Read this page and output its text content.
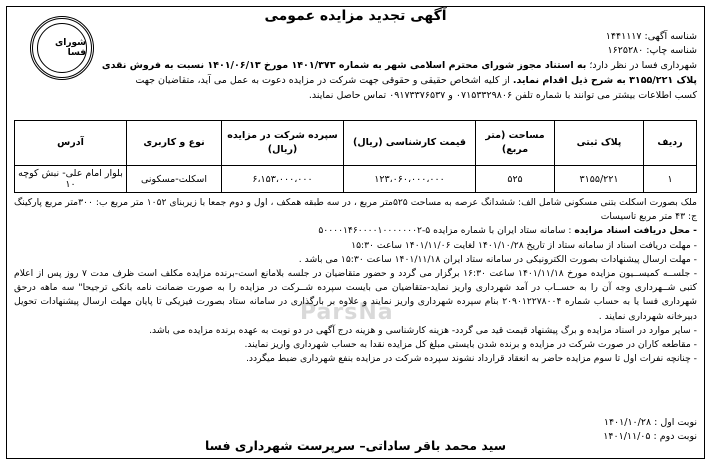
آگهی تجدید مزایده عمومی
شورای فسا
شناسه آگهی: ۱۴۴۱۱۱۷
شناسه چاپ: ۱۶۲۵۲۸۰
شهرداری فسا در نظر دارد؛ به استناد مجوز شورای محترم اسلامی شهر به شماره ۱۴۰۱/۳۷۳ مورخ ۱۴۰۱/۰۶/۱۳ نسبت به فروش نقدی
پلاک ۳۱۵۵/۲۲۱ به شرح ذیل اقدام نماید. از کلیه اشخاص حقیقی و حقوقی جهت شرکت در مزایده دعوت به عمل می آید، متقاضیان جهت
کسب اطلاعات بیشتر می توانند با شماره تلفن ۰۷۱۵۳۳۲۹۸۰۶ و ۰۹۱۷۳۳۷۶۵۳۷ تماس حاصل نمایند.
ردیف	پلاک ثبتی	مساحت (متر مربع)	قیمت کارشناسی (ریال)	سپرده شرکت در مزایده (ریال)	نوع و کاربری	آدرس
۱	۳۱۵۵/۲۲۱	۵۲۵	۱۲۳،۰۶۰،۰۰۰،۰۰۰	۶،۱۵۳،۰۰۰،۰۰۰	اسکلت-مسکونی	بلوار امام علی- نبش کوچه ۱۰
ParsNa

ملک بصورت اسکلت بتنی مسکونی شامل الف: ششدانگ عرصه به مساحت ۵۲۵متر مربع ، در سه طبقه همکف ، اول و دوم جمعا با زیربنای ۱۰۵۲ متر مربع ب: ۳۰۰متر مربع پارکینگ ج: ۴۳ متر مربع تاسیسات

- محل دریافت اسناد مزایده : سامانه ستاد ایران با شماره مزایده ۵-۵۰۰۰۰۱۴۶۰۰۰۰۱۰۰۰۰۰۰۰۲

- مهلت دریافت اسناد از سامانه ستاد از تاریخ ۱۴۰۱/۱۰/۲۸ لغایت ۱۴۰۱/۱۱/۰۶ ساعت ۱۵:۳۰

- مهلت ارسال پیشنهادات بصورت الکترونیکی در سامانه ستاد ایران ۱۴۰۱/۱۱/۱۸ ساعت ۱۵:۳۰ می باشد .

- جلســه کمیســیون مزایده مورخ ۱۴۰۱/۱۱/۱۸ ساعت ۱۶:۳۰ برگزار می گردد و حضور متقاضیان در جلسه بلامانع است-برنده مزایده مکلف است ظرف مدت ۷ روز پس از اعلام کتبی شــهرداری وجه آن را به حســاب در آمد شهرداری واریز نماید-متقاضیان می بایست سپرده شــرکت در مزایده را به صورت ضمانت نامه بانکی ترجیحا" سه ماهه درحق شهرداری فسا یا به حساب شماره ۲۰۹۰۱۲۲۷۸۰۰۴ بنام سپرده شهرداری واریز نمایند و علاوه بر بارگذاری در سامانه ستاد بصورت فیزیکی تا پایان مهلت ارسال پیشنهادات تحویل دبیرخانه شهرداری نمایند .

- سایر موارد در اسناد مزایده و برگ پیشنهاد قیمت قید می گردد- هزینه کارشناسی و هزینه درج آگهی در دو نوبت به عهده برنده مزایده می باشد.

- مقاطعه کاران در صورت شرکت در مزایده و برنده شدن بایستی مبلغ کل مزایده نقدا به حساب شهرداری واریز نمایند.

- چنانچه نفرات اول تا سوم مزایده حاضر به انعقاد قرارداد نشوند سپرده شرکت در مزایده بنفع شهرداری ضبط میگردد.

نوبت اول : ۱۴۰۱/۱۰/۲۸
نوبت دوم : ۱۴۰۱/۱۱/۰۵
سید محمد باقر ساداتی– سرپرست شهرداری فسا
